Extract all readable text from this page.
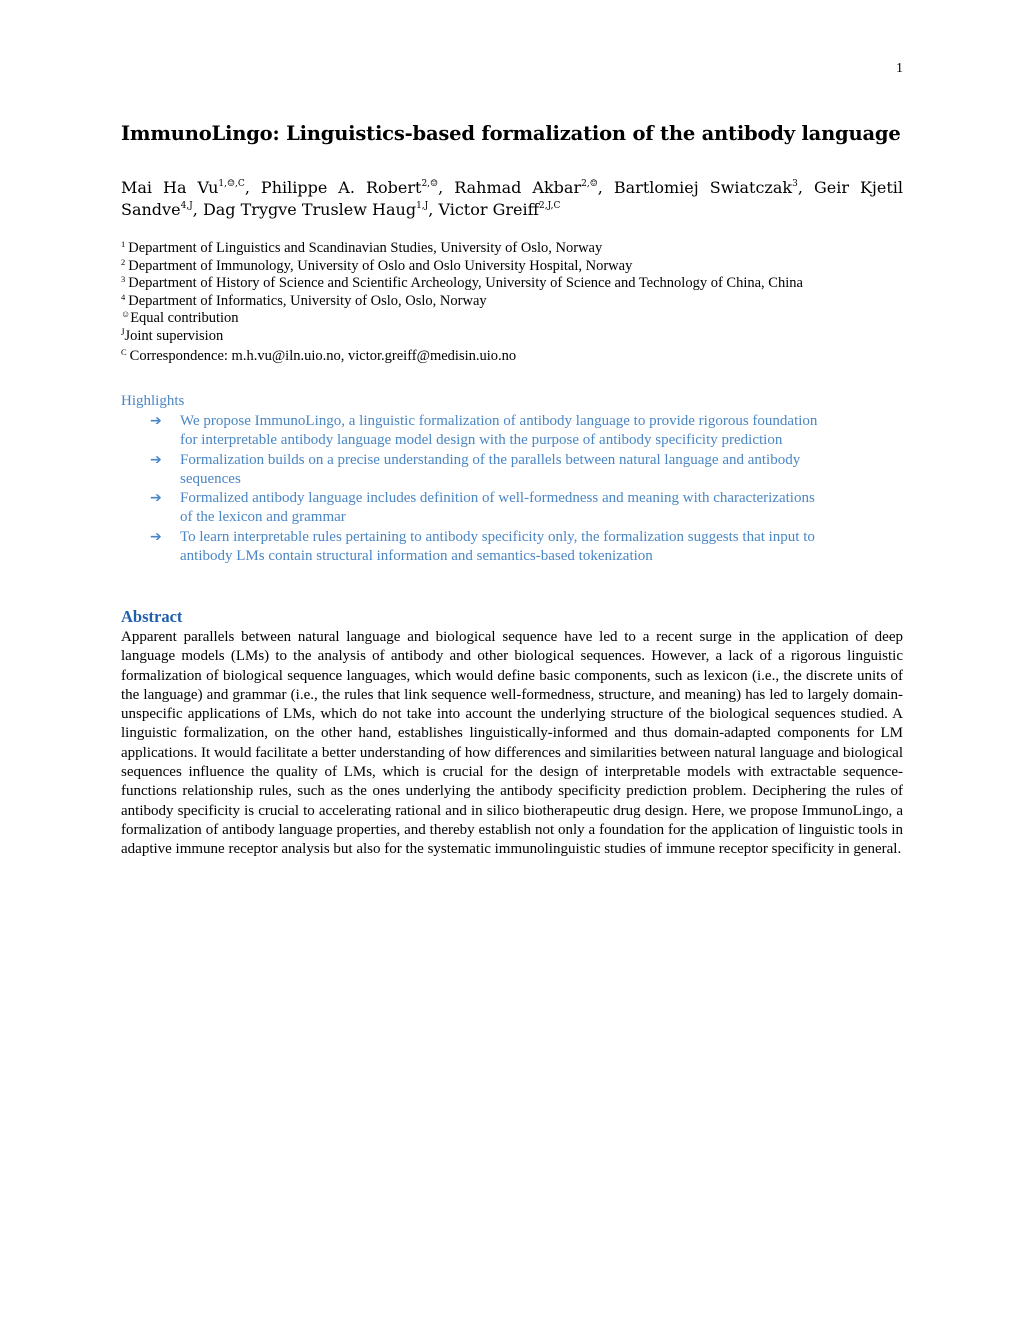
1
ImmunoLingo: Linguistics-based formalization of the antibody language
Mai Ha $Vu^{1,☺,C}$, Philippe A. Robert$^{2,☺}$, Rahmad Akbar$^{2,☺}$, Bartlomiej Swiatczak$^3$, Geir Kjetil Sandve$^{4,J}$, Dag Trygve Truslew Haug$^{1,J}$, Victor Greiff$^{2,J,C}$
$^1$ Department of Linguistics and Scandinavian Studies, University of Oslo, Norway
$^2$ Department of Immunology, University of Oslo and Oslo University Hospital, Norway
$^3$ Department of History of Science and Scientific Archeology, University of Science and Technology of China, China
$^4$ Department of Informatics, University of Oslo, Oslo, Norway
☺Equal contribution
$^J$Joint supervision
$^C$ Correspondence: m.h.vu@iln.uio.no, victor.greiff@medisin.uio.no
Highlights
➔ We propose ImmunoLingo, a linguistic formalization of antibody language to provide rigorous foundation
for interpretable antibody language model design with the purpose of antibody specificity prediction
➔ Formalization builds on a precise understanding of the parallels between natural language and antibody
sequences
➔ Formalized antibody language includes definition of well-formedness and meaning with characterizations
of the lexicon and grammar
➔ To learn interpretable rules pertaining to antibody specificity only, the formalization suggests that input to
antibody LMs contain structural information and semantics-based tokenization
Abstract

Apparent parallels between natural language and biological sequence have led to a recent surge in the application of deep language models (LMs) to the analysis of antibody and other biological sequences. However, a lack of a rigorous linguistic formalization of biological sequence languages, which would define basic components, such as lexicon (i.e., the discrete units of the language) and grammar (i.e., the rules that link sequence well-formedness, structure, and meaning) has led to largely domain-unspecific applications of LMs, which do not take into account the underlying structure of the biological sequences studied. A linguistic formalization, on the other hand, establishes linguistically-informed and thus domain-adapted components for LM applications. It would facilitate a better understanding of how differences and similarities between natural language and biological sequences influence the quality of LMs, which is crucial for the design of interpretable models with extractable sequence-functions relationship rules, such as the ones underlying the antibody specificity prediction problem. Deciphering the rules of antibody specificity is crucial to accelerating rational and in silico biotherapeutic drug design. Here, we propose ImmunoLingo, a formalization of antibody language properties, and thereby establish not only a foundation for the application of linguistic tools in adaptive immune receptor analysis but also for the systematic immunolinguistic studies of immune receptor specificity in general.
